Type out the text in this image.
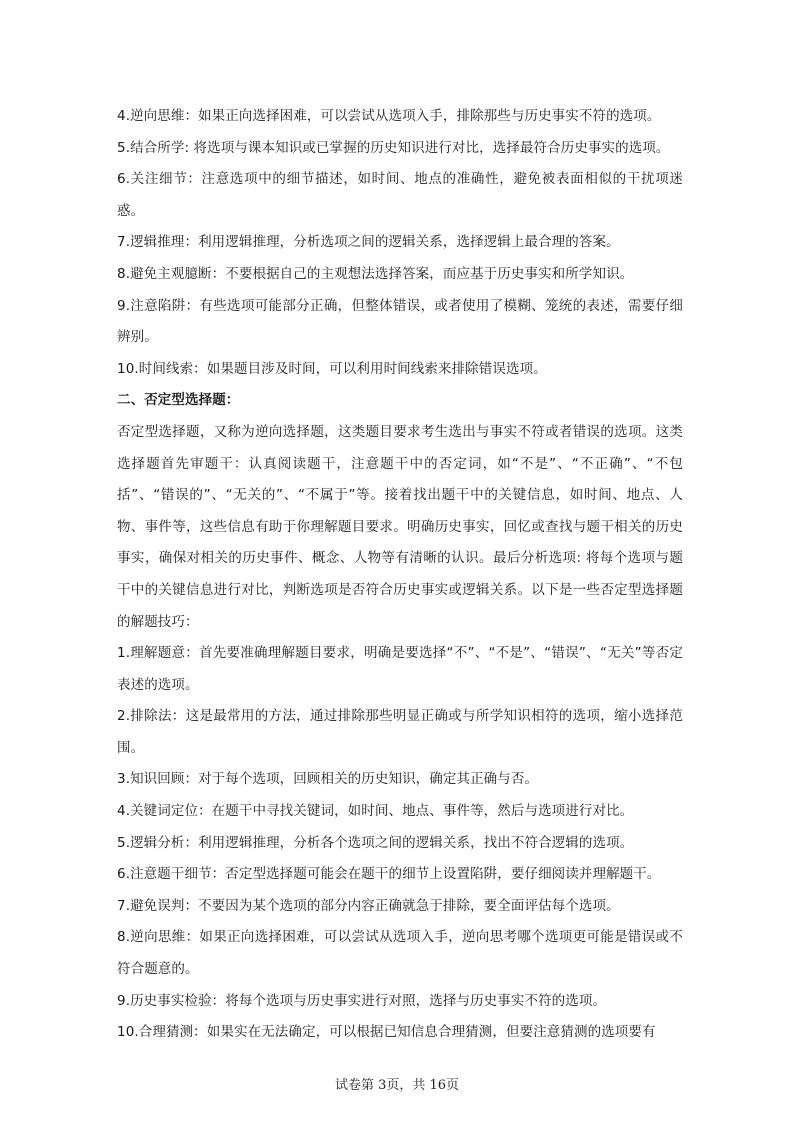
4.逆向思维：如果正向选择困难，可以尝试从选项入手，排除那些与历史事实不符的选项。

5.结合所学: 将选项与课本知识或已掌握的历史知识进行对比，选择最符合历史事实的选项。

6.关注细节：注意选项中的细节描述，如时间、地点的准确性，避免被表面相似的干扰项迷惑。

7.逻辑推理：利用逻辑推理，分析选项之间的逻辑关系，选择逻辑上最合理的答案。

8.避免主观臆断：不要根据自己的主观想法选择答案，而应基于历史事实和所学知识。

9.注意陷阱：有些选项可能部分正确，但整体错误，或者使用了模糊、笼统的表述，需要仔细辨别。

10.时间线索：如果题目涉及时间，可以利用时间线索来排除错误选项。

二、否定型选择题：

否定型选择题，又称为逆向选择题，这类题目要求考生选出与事实不符或者错误的选项。这类选择题首先审题干：认真阅读题干，注意题干中的否定词，如“不是”、“不正确”、“不包括”、“错误的”、“无关的”、“不属于”等。接着找出题干中的关键信息，如时间、地点、人物、事件等，这些信息有助于你理解题目要求。明确历史事实，回忆或查找与题干相关的历史事实，确保对相关的历史事件、概念、人物等有清晰的认识。最后分析选项: 将每个选项与题干中的关键信息进行对比，判断选项是否符合历史事实或逻辑关系。以下是一些否定型选择题的解题技巧：

1.理解题意：首先要准确理解题目要求，明确是要选择“不”、“不是”、“错误”、“无关”等否定表述的选项。

2.排除法：这是最常用的方法，通过排除那些明显正确或与所学知识相符的选项，缩小选择范围。

3.知识回顾：对于每个选项，回顾相关的历史知识，确定其正确与否。

4.关键词定位：在题干中寻找关键词，如时间、地点、事件等，然后与选项进行对比。

5.逻辑分析：利用逻辑推理，分析各个选项之间的逻辑关系，找出不符合逻辑的选项。

6.注意题干细节：否定型选择题可能会在题干的细节上设置陷阱，要仔细阅读并理解题干。

7.避免误判：不要因为某个选项的部分内容正确就急于排除，要全面评估每个选项。

8.逆向思维：如果正向选择困难，可以尝试从选项入手，逆向思考哪个选项更可能是错误或不符合题意的。

9.历史事实检验：将每个选项与历史事实进行对照，选择与历史事实不符的选项。

10.合理猜测：如果实在无法确定，可以根据已知信息合理猜测，但要注意猜测的选项要有

试卷第 3页，共 16页
